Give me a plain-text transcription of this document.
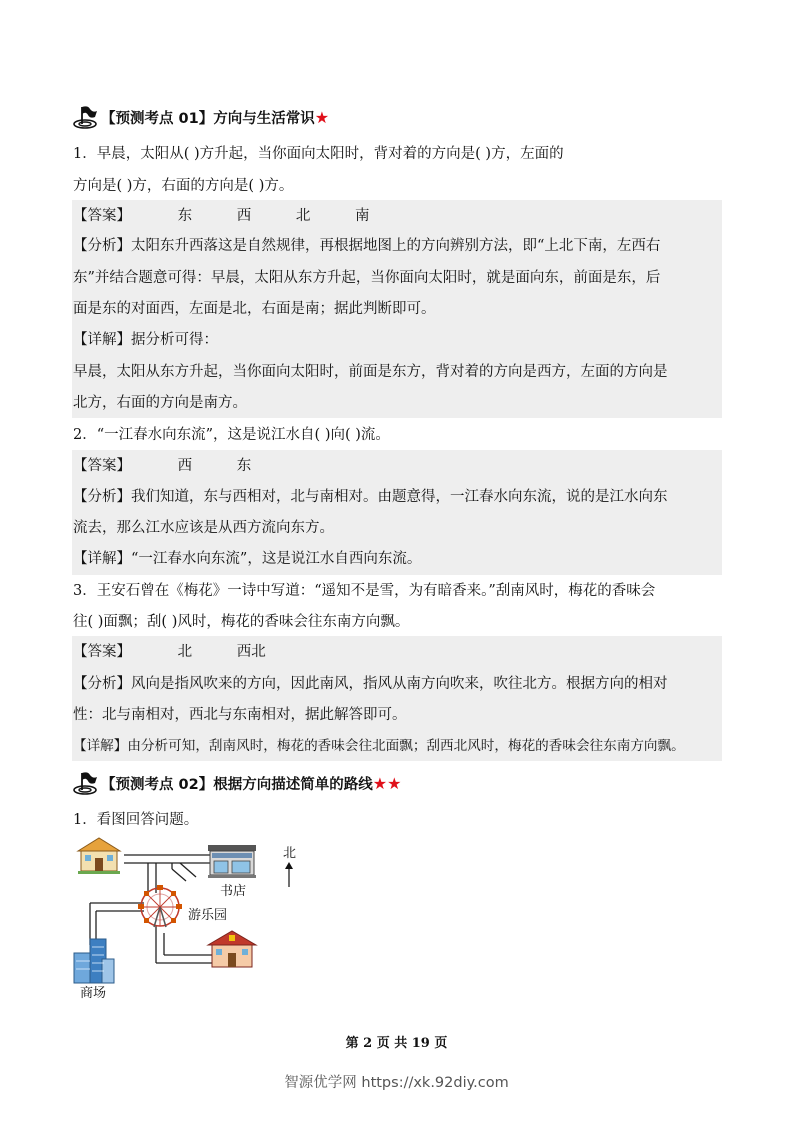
【预测考点 01】方向与生活常识★
1．早晨，太阳从( )方升起，当你面向太阳时，背对着的方向是( )方，左面的
方向是( )方，右面的方向是( )方。
【答案】	东	西	北	南
【分析】太阳东升西落这是自然规律，再根据地图上的方向辨别方法，即“上北下南，左西右
东”并结合题意可得：早晨，太阳从东方升起，当你面向太阳时，就是面向东，前面是东，后
面是东的对面西，左面是北，右面是南；据此判断即可。
【详解】据分析可得：
早晨，太阳从东方升起，当你面向太阳时，前面是东方，背对着的方向是西方，左面的方向是
北方，右面的方向是南方。
2．“一江春水向东流”，这是说江水自( )向( )流。
【答案】	西	东
【分析】我们知道，东与西相对，北与南相对。由题意得，一江春水向东流，说的是江水向东
流去，那么江水应该是从西方流向东方。
【详解】“一江春水向东流”，这是说江水自西向东流。
3．王安石曾在《梅花》一诗中写道：“遥知不是雪，为有暗香来。”刮南风时，梅花的香味会
往( )面飘；刮( )风时，梅花的香味会往东南方向飘。
【答案】	北	西北
【分析】风向是指风吹来的方向，因此南风，指风从南方向吹来，吹往北方。根据方向的相对
性：北与南相对，西北与东南相对，据此解答即可。
【详解】由分析可知，刮南风时，梅花的香味会往北面飘；刮西北风时，梅花的香味会往东南方向飘。
【预测考点 02】根据方向描述简单的路线★★
1．看图回答问题。
北
书店
游乐园
商场
第 2 页 共 19 页
智源优学网 https://xk.92diy.com
